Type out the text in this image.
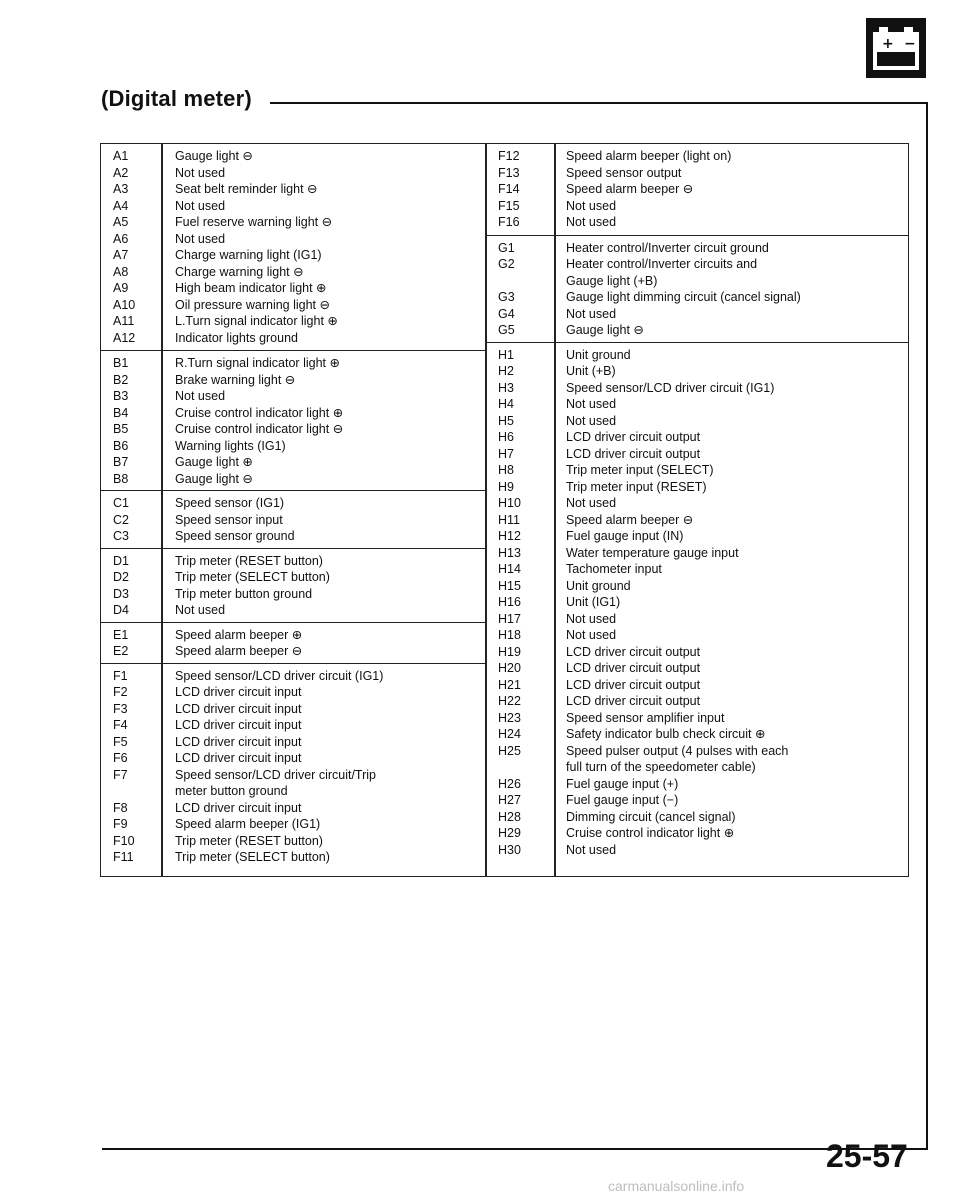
+ −
(Digital meter)
A1	Gauge light ⊖
A2	Not used
A3	Seat belt reminder light ⊖
A4	Not used
A5	Fuel reserve warning light ⊖
A6	Not used
A7	Charge warning light (IG1)
A8	Charge warning light ⊖
A9	High beam indicator light ⊕
A10	Oil pressure warning light ⊖
A11	L.Turn signal indicator light ⊕
A12	Indicator lights ground
B1	R.Turn signal indicator light ⊕
B2	Brake warning light ⊖
B3	Not used
B4	Cruise control indicator light ⊕
B5	Cruise control indicator light ⊖
B6	Warning lights (IG1)
B7	Gauge light ⊕
B8	Gauge light ⊖
C1	Speed sensor (IG1)
C2	Speed sensor input
C3	Speed sensor ground
D1	Trip meter (RESET button)
D2	Trip meter (SELECT button)
D3	Trip meter button ground
D4	Not used
E1	Speed alarm beeper ⊕
E2	Speed alarm beeper ⊖
F1	Speed sensor/LCD driver circuit (IG1)
F2	LCD driver circuit input
F3	LCD driver circuit input
F4	LCD driver circuit input
F5	LCD driver circuit input
F6	LCD driver circuit input
F7	Speed sensor/LCD driver circuit/Trip
meter button ground
F8	LCD driver circuit input
F9	Speed alarm beeper (IG1)
F10	Trip meter (RESET button)
F11	Trip meter (SELECT button)
F12	Speed alarm beeper (light on)
F13	Speed sensor output
F14	Speed alarm beeper ⊖
F15	Not used
F16	Not used
G1	Heater control/Inverter circuit ground
G2	Heater control/Inverter circuits and
Gauge light (+B)
G3	Gauge light dimming circuit (cancel signal)
G4	Not used
G5	Gauge light ⊖
H1	Unit ground
H2	Unit (+B)
H3	Speed sensor/LCD driver circuit (IG1)
H4	Not used
H5	Not used
H6	LCD driver circuit output
H7	LCD driver circuit output
H8	Trip meter input (SELECT)
H9	Trip meter input (RESET)
H10	Not used
H11	Speed alarm beeper ⊖
H12	Fuel gauge input (IN)
H13	Water temperature gauge input
H14	Tachometer input
H15	Unit ground
H16	Unit (IG1)
H17	Not used
H18	Not used
H19	LCD driver circuit output
H20	LCD driver circuit output
H21	LCD driver circuit output
H22	LCD driver circuit output
H23	Speed sensor amplifier input
H24	Safety indicator bulb check circuit ⊕
H25	Speed pulser output (4 pulses with each
full turn of the speedometer cable)
H26	Fuel gauge input (+)
H27	Fuel gauge input (−)
H28	Dimming circuit (cancel signal)
H29	Cruise control indicator light ⊕
H30	Not used
25-57
carmanualsonline.info
